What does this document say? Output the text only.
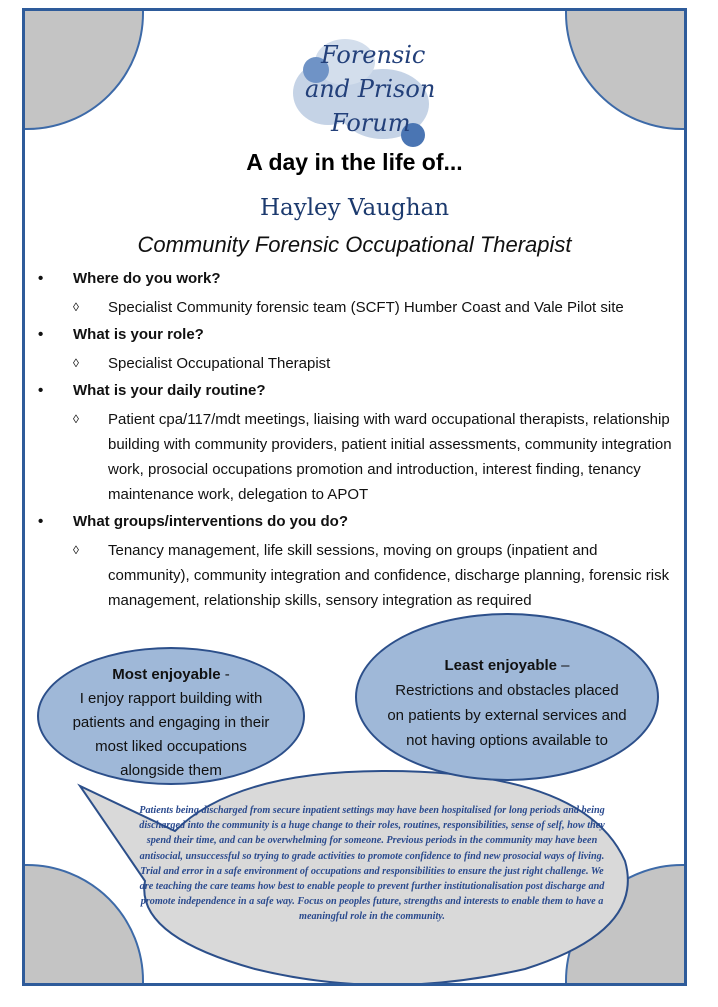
Forensic
and Prison
Forum
A day in the life of...
Hayley Vaughan
Community Forensic Occupational Therapist
• Where do you work?
◊ Specialist Community forensic team (SCFT) Humber Coast and Vale Pilot site
• What is your role?
◊ Specialist Occupational Therapist
• What is your daily routine?
◊ Patient cpa/117/mdt meetings, liaising with ward occupational therapists, relationship building with community providers, patient initial assessments, community integration work, prosocial occupations promotion and introduction, interest finding, tenancy maintenance work, delegation to APOT
• What groups/interventions do you do?
◊ Tenancy management, life skill sessions, moving on groups (inpatient and community), community integration and confidence, discharge planning, forensic risk management, relationship skills, sensory integration as required
Most enjoyable -
I enjoy rapport building with patients and engaging in their most liked occupations alongside them
Least enjoyable –
Restrictions and obstacles placed on patients by external services and not having options available to
Patients being discharged from secure inpatient settings may have been hospitalised for long periods and being discharged into the community is a huge change to their roles, routines, responsibilities, sense of self, how they spend their time, and can be overwhelming for someone. Previous periods in the community may have been antisocial, unsuccessful so trying to grade activities to promote confidence to find new prosocial ways of living. Trial and error in a safe environment of occupations and responsibilities to ensure the just right challenge. We are teaching the care teams how best to enable people to prevent further institutionalisation post discharge and promote independence in a safe way. Focus on peoples future, strengths and interests to enable them to have a meaningful role in the community.
